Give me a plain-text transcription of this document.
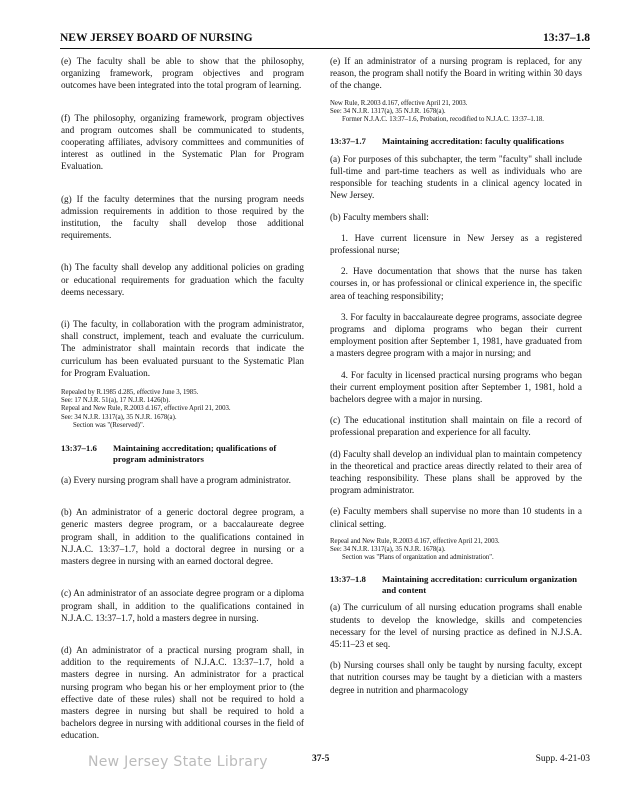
NEW JERSEY BOARD OF NURSING	13:37–1.8

(e) The faculty shall be able to show that the philosophy, organizing framework, program objectives and program outcomes have been integrated into the total program of learning.

(f) The philosophy, organizing framework, program objectives and program outcomes shall be communicated to students, cooperating affiliates, advisory committees and communities of interest as outlined in the Systematic Plan for Program Evaluation.

(g) If the faculty determines that the nursing program needs admission requirements in addition to those required by the institution, the faculty shall develop those additional requirements.

(h) The faculty shall develop any additional policies on grading or educational requirements for graduation which the faculty deems necessary.

(i) The faculty, in collaboration with the program administrator, shall construct, implement, teach and evaluate the curriculum. The administrator shall maintain records that indicate the curriculum has been evaluated pursuant to the Systematic Plan for Program Evaluation.

Repealed by R.1985 d.285, effective June 3, 1985.
See: 17 N.J.R. 51(a), 17 N.J.R. 1426(b).
Repeal and New Rule, R.2003 d.167, effective April 21, 2003.
See: 34 N.J.R. 1317(a), 35 N.J.R. 1678(a).
Section was "(Reserved)".
13:37–1.6	Maintaining accreditation; qualifications of program administrators

(a) Every nursing program shall have a program administrator.

(b) An administrator of a generic doctoral degree program, a generic masters degree program, or a baccalaureate degree program shall, in addition to the qualifications contained in N.J.A.C. 13:37–1.7, hold a doctoral degree in nursing or a masters degree in nursing with an earned doctoral degree.

(c) An administrator of an associate degree program or a diploma program shall, in addition to the qualifications contained in N.J.A.C. 13:37–1.7, hold a masters degree in nursing.

(d) An administrator of a practical nursing program shall, in addition to the requirements of N.J.A.C. 13:37–1.7, hold a masters degree in nursing. An administrator for a practical nursing program who began his or her employment prior to (the effective date of these rules) shall not be required to hold a masters degree in nursing but shall be required to hold a bachelors degree in nursing with additional courses in the field of education.

(e) If an administrator of a nursing program is replaced, for any reason, the program shall notify the Board in writing within 30 days of the change.

New Rule, R.2003 d.167, effective April 21, 2003.
See: 34 N.J.R. 1317(a), 35 N.J.R. 1678(a).
Former N.J.A.C. 13:37–1.6, Probation, recodified to N.J.A.C. 13:37–1.18.
13:37–1.7	Maintaining accreditation: faculty qualifications

(a) For purposes of this subchapter, the term "faculty" shall include full-time and part-time teachers as well as individuals who are responsible for teaching students in a clinical agency located in New Jersey.

(b) Faculty members shall:

1. Have current licensure in New Jersey as a registered professional nurse;

2. Have documentation that shows that the nurse has taken courses in, or has professional or clinical experience in, the specific area of teaching responsibility;

3. For faculty in baccalaureate degree programs, associate degree programs and diploma programs who began their current employment position after September 1, 1981, have graduated from a masters degree program with a major in nursing; and

4. For faculty in licensed practical nursing programs who began their current employment position after September 1, 1981, hold a bachelors degree with a major in nursing.

(c) The educational institution shall maintain on file a record of professional preparation and experience for all faculty.

(d) Faculty shall develop an individual plan to maintain competency in the theoretical and practice areas directly related to their area of teaching responsibility. These plans shall be approved by the program administrator.

(e) Faculty members shall supervise no more than 10 students in a clinical setting.

Repeal and New Rule, R.2003 d.167, effective April 21, 2003.
See: 34 N.J.R. 1317(a), 35 N.J.R. 1678(a).
Section was "Plans of organization and administration".
13:37–1.8	Maintaining accreditation: curriculum organization and content

(a) The curriculum of all nursing education programs shall enable students to develop the knowledge, skills and competencies necessary for the level of nursing practice as defined in N.J.S.A. 45:11–23 et seq.

(b) Nursing courses shall only be taught by nursing faculty, except that nutrition courses may be taught by a dietician with a masters degree in nutrition and pharmacology

New Jersey State Library	37-5	Supp. 4-21-03
